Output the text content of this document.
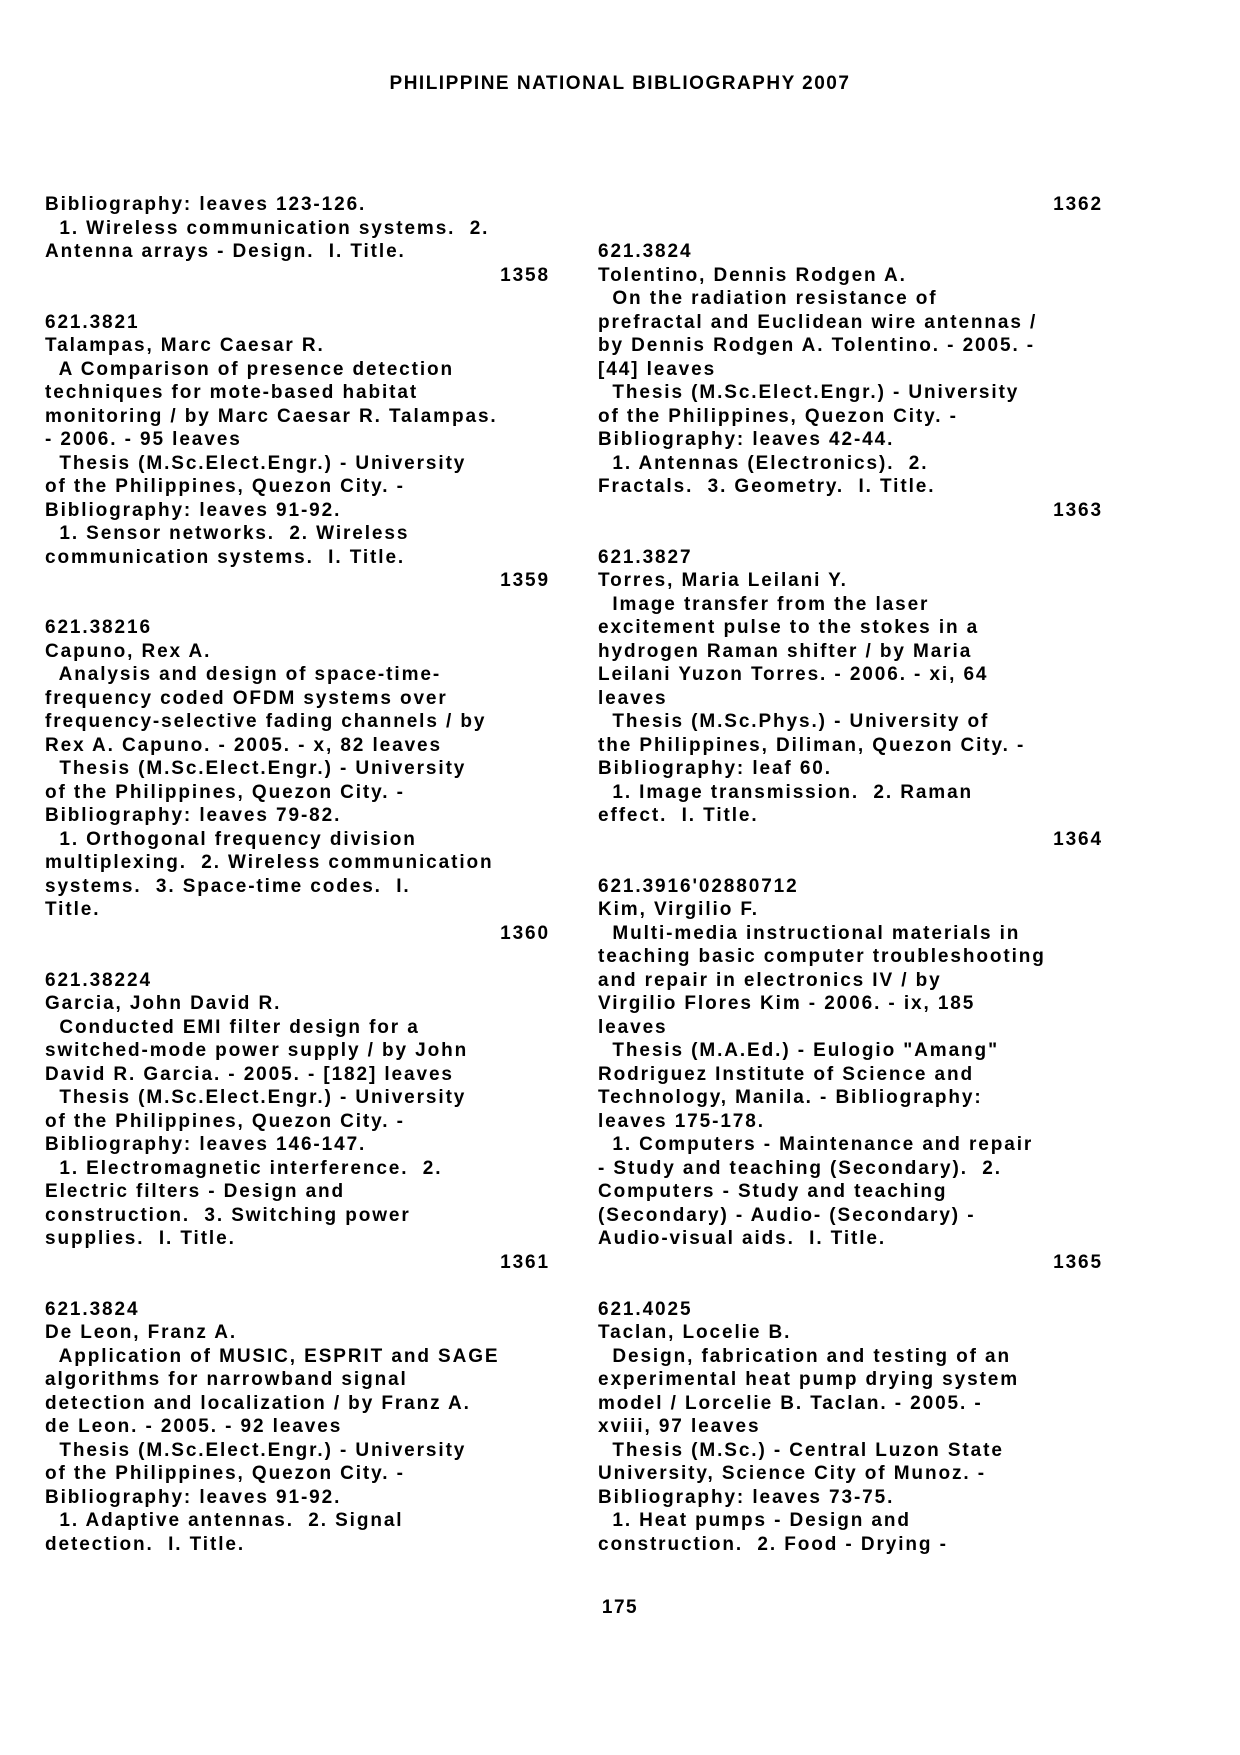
PHILIPPINE NATIONAL BIBLIOGRAPHY 2007
Bibliography: leaves 123-126.
1. Wireless communication systems.  2.
Antenna arrays - Design.  I. Title.
1358
621.3821
Talampas, Marc Caesar R.
A Comparison of presence detection
techniques for mote-based habitat
monitoring / by Marc Caesar R. Talampas.
- 2006. - 95 leaves
Thesis (M.Sc.Elect.Engr.) - University
of the Philippines, Quezon City. -
Bibliography: leaves 91-92.
1. Sensor networks.  2. Wireless
communication systems.  I. Title.
1359
621.38216
Capuno, Rex A.
Analysis and design of space-time-
frequency coded OFDM systems over
frequency-selective fading channels / by
Rex A. Capuno. - 2005. - x, 82 leaves
Thesis (M.Sc.Elect.Engr.) - University
of the Philippines, Quezon City. -
Bibliography: leaves 79-82.
1. Orthogonal frequency division
multiplexing.  2. Wireless communication
systems.  3. Space-time codes.  I.
Title.
1360
621.38224
Garcia, John David R.
Conducted EMI filter design for a
switched-mode power supply / by John
David R. Garcia. - 2005. - [182] leaves
Thesis (M.Sc.Elect.Engr.) - University
of the Philippines, Quezon City. -
Bibliography: leaves 146-147.
1. Electromagnetic interference.  2.
Electric filters - Design and
construction.  3. Switching power
supplies.  I. Title.
1361
621.3824
De Leon, Franz A.
Application of MUSIC, ESPRIT and SAGE
algorithms for narrowband signal
detection and localization / by Franz A.
de Leon. - 2005. - 92 leaves
Thesis (M.Sc.Elect.Engr.) - University
of the Philippines, Quezon City. -
Bibliography: leaves 91-92.
1. Adaptive antennas.  2. Signal
detection.  I. Title.
1362
621.3824
Tolentino, Dennis Rodgen A.
On the radiation resistance of
prefractal and Euclidean wire antennas /
by Dennis Rodgen A. Tolentino. - 2005. -
[44] leaves
Thesis (M.Sc.Elect.Engr.) - University
of the Philippines, Quezon City. -
Bibliography: leaves 42-44.
1. Antennas (Electronics).  2.
Fractals.  3. Geometry.  I. Title.
1363
621.3827
Torres, Maria Leilani Y.
Image transfer from the laser
excitement pulse to the stokes in a
hydrogen Raman shifter / by Maria
Leilani Yuzon Torres. - 2006. - xi, 64
leaves
Thesis (M.Sc.Phys.) - University of
the Philippines, Diliman, Quezon City. -
Bibliography: leaf 60.
1. Image transmission.  2. Raman
effect.  I. Title.
1364
621.3916'02880712
Kim, Virgilio F.
Multi-media instructional materials in
teaching basic computer troubleshooting
and repair in electronics IV / by
Virgilio Flores Kim - 2006. - ix, 185
leaves
Thesis (M.A.Ed.) - Eulogio "Amang"
Rodriguez Institute of Science and
Technology, Manila. - Bibliography:
leaves 175-178.
1. Computers - Maintenance and repair
- Study and teaching (Secondary).  2.
Computers - Study and teaching
(Secondary) - Audio- (Secondary) -
Audio-visual aids.  I. Title.
1365
621.4025
Taclan, Locelie B.
Design, fabrication and testing of an
experimental heat pump drying system
model / Lorcelie B. Taclan. - 2005. -
xviii, 97 leaves
Thesis (M.Sc.) - Central Luzon State
University, Science City of Munoz. -
Bibliography: leaves 73-75.
1. Heat pumps - Design and
construction.  2. Food - Drying -
175
